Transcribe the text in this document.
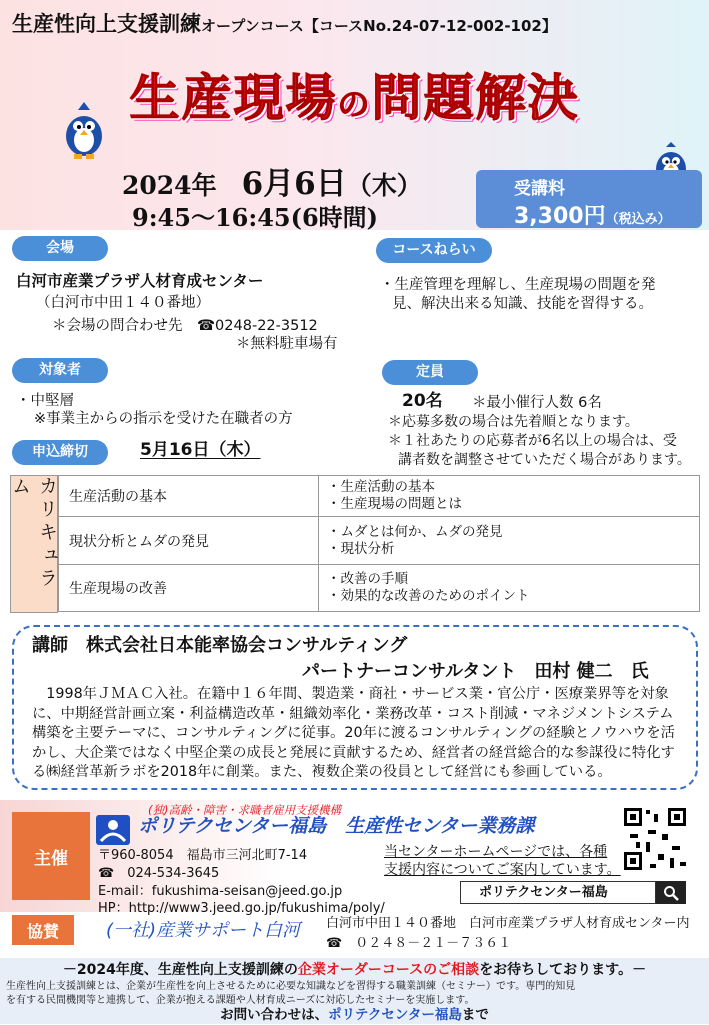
生産性向上支援訓練オープンコース【コースNo.24-07-12-002-102】
生産現場の問題解決
2024年　 6月6日（木）
9:45〜16:45(6時間)
受講料
3,300円（税込み）
会場
白河市産業プラザ人材育成センター
（白河市中田１４０番地）
＊会場の問合わせ先　☎0248-22-3512
＊無料駐車場有
コースねらい
・生産管理を理解し、生産現場の問題を発
見、解決出来る知識、技能を習得する。
対象者
・中堅層
※事業主からの指示を受けた在職者の方
定員
20名 ＊最小催行人数 6名
＊応募多数の場合は先着順となります。
＊１社あたりの応募者が6名以上の場合は、受
講者数を調整させていただく場合があります。
申込締切	5月16日（木）
カリキュラム	生産活動の基本	・生産活動の基本
・生産現場の問題とは

現状分析とムダの発見	・ムダとは何か、ムダの発見
・現状分析

生産現場の改善	・改善の手順
・効果的な改善のためのポイント
講師　株式会社日本能率協会コンサルティング
パートナーコンサルタント　田村 健二　氏
　1998年ＪＭＡＣ入社。在籍中１６年間、製造業・商社・サービス業・官公庁・医療業界等を対象に、中期経営計画立案・利益構造改革・組織効率化・業務改革・コスト削減・マネジメントシステム構築を主要テーマに、コンサルティングに従事。20年に渡るコンサルティングの経験とノウハウを活かし、大企業ではなく中堅企業の成長と発展に貢献するため、経営者の経営総合的な参謀役に特化する㈱経営革新ラボを2018年に創業。また、複数企業の役員として経営にも参画している。
主催
(独)高齢・障害・求職者雇用支援機構
ポリテクセンター福島　生産性センター業務課
〒960-8054　福島市三河北町7-14
☎　024-534-3645
E-mail：fukushima-seisan@jeed.go.jp
HP：http://www3.jeed.go.jp/fukushima/poly/
当センターホームページでは、各種
支援内容についてご案内しています。
ポリテクセンター福島
協賛	(一社)産業サポート白河 白河市中田１４０番地　白河市産業プラザ人材育成センター内
☎　０２４８－２１－７３６１
－2024年度、生産性向上支援訓練の企業オーダーコースのご相談をお待ちしております。－
生産性向上支援訓練とは、企業が生産性を向上させるために必要な知識などを習得する職業訓練（セミナー）です。専門的知見
を有する民間機関等と連携して、企業が抱える課題や人材育成ニーズに対応したセミナーを実施します。
お問い合わせは、ポリテクセンター福島まで
